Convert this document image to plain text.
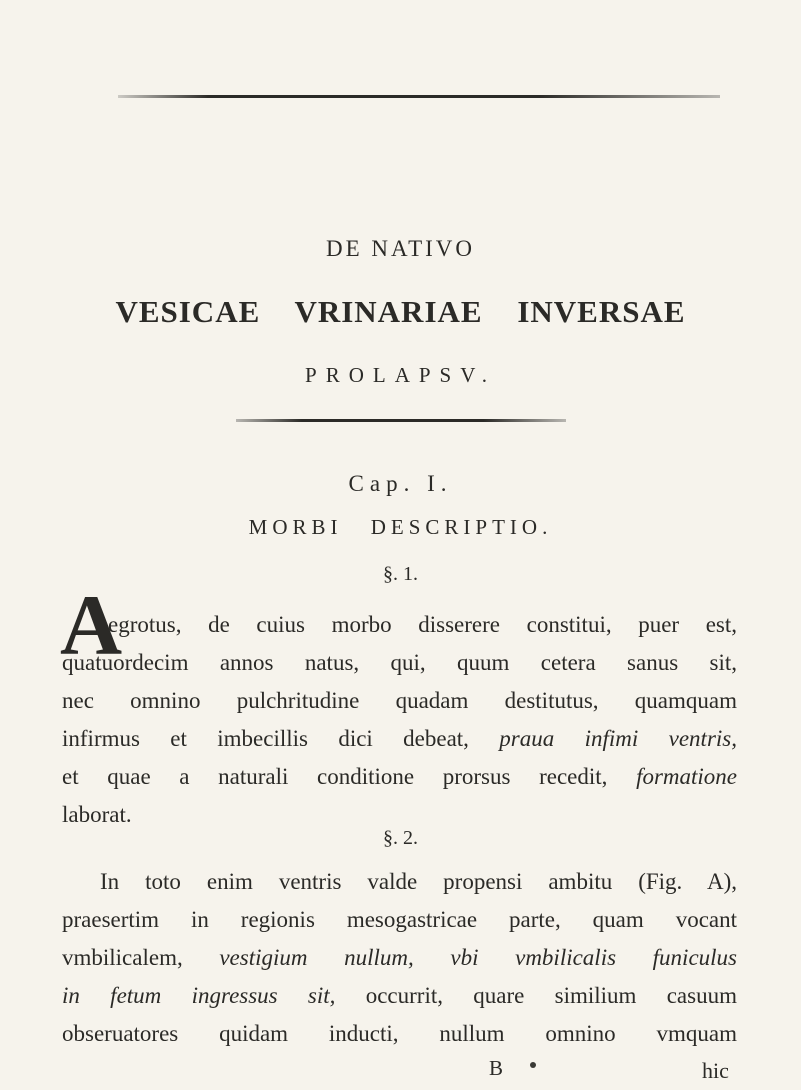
DE NATIVO
VESICAE VRINARIAE INVERSAE
PROLAPSV.
Cap. I.
MORBI DESCRIPTIO.
§. 1.
A
egrotus, de cuius morbo disserere constitui, puer est,
quatuordecim annos natus, qui, quum cetera sanus sit,
nec omnino pulchritudine quadam destitutus, quamquam
infirmus et imbecillis dici debeat, praua infimi ventris,
et quae a naturali conditione prorsus recedit, formatione
laborat.
§. 2.
In toto enim ventris valde propensi ambitu (Fig. A),
praesertim in regionis mesogastricae parte, quam vocant
vmbilicalem, vestigium nullum, vbi vmbilicalis funiculus
in fetum ingressus sit, occurrit, quare similium casuum
obseruatores quidam inducti, nullum omnino vmquam
B	hic
